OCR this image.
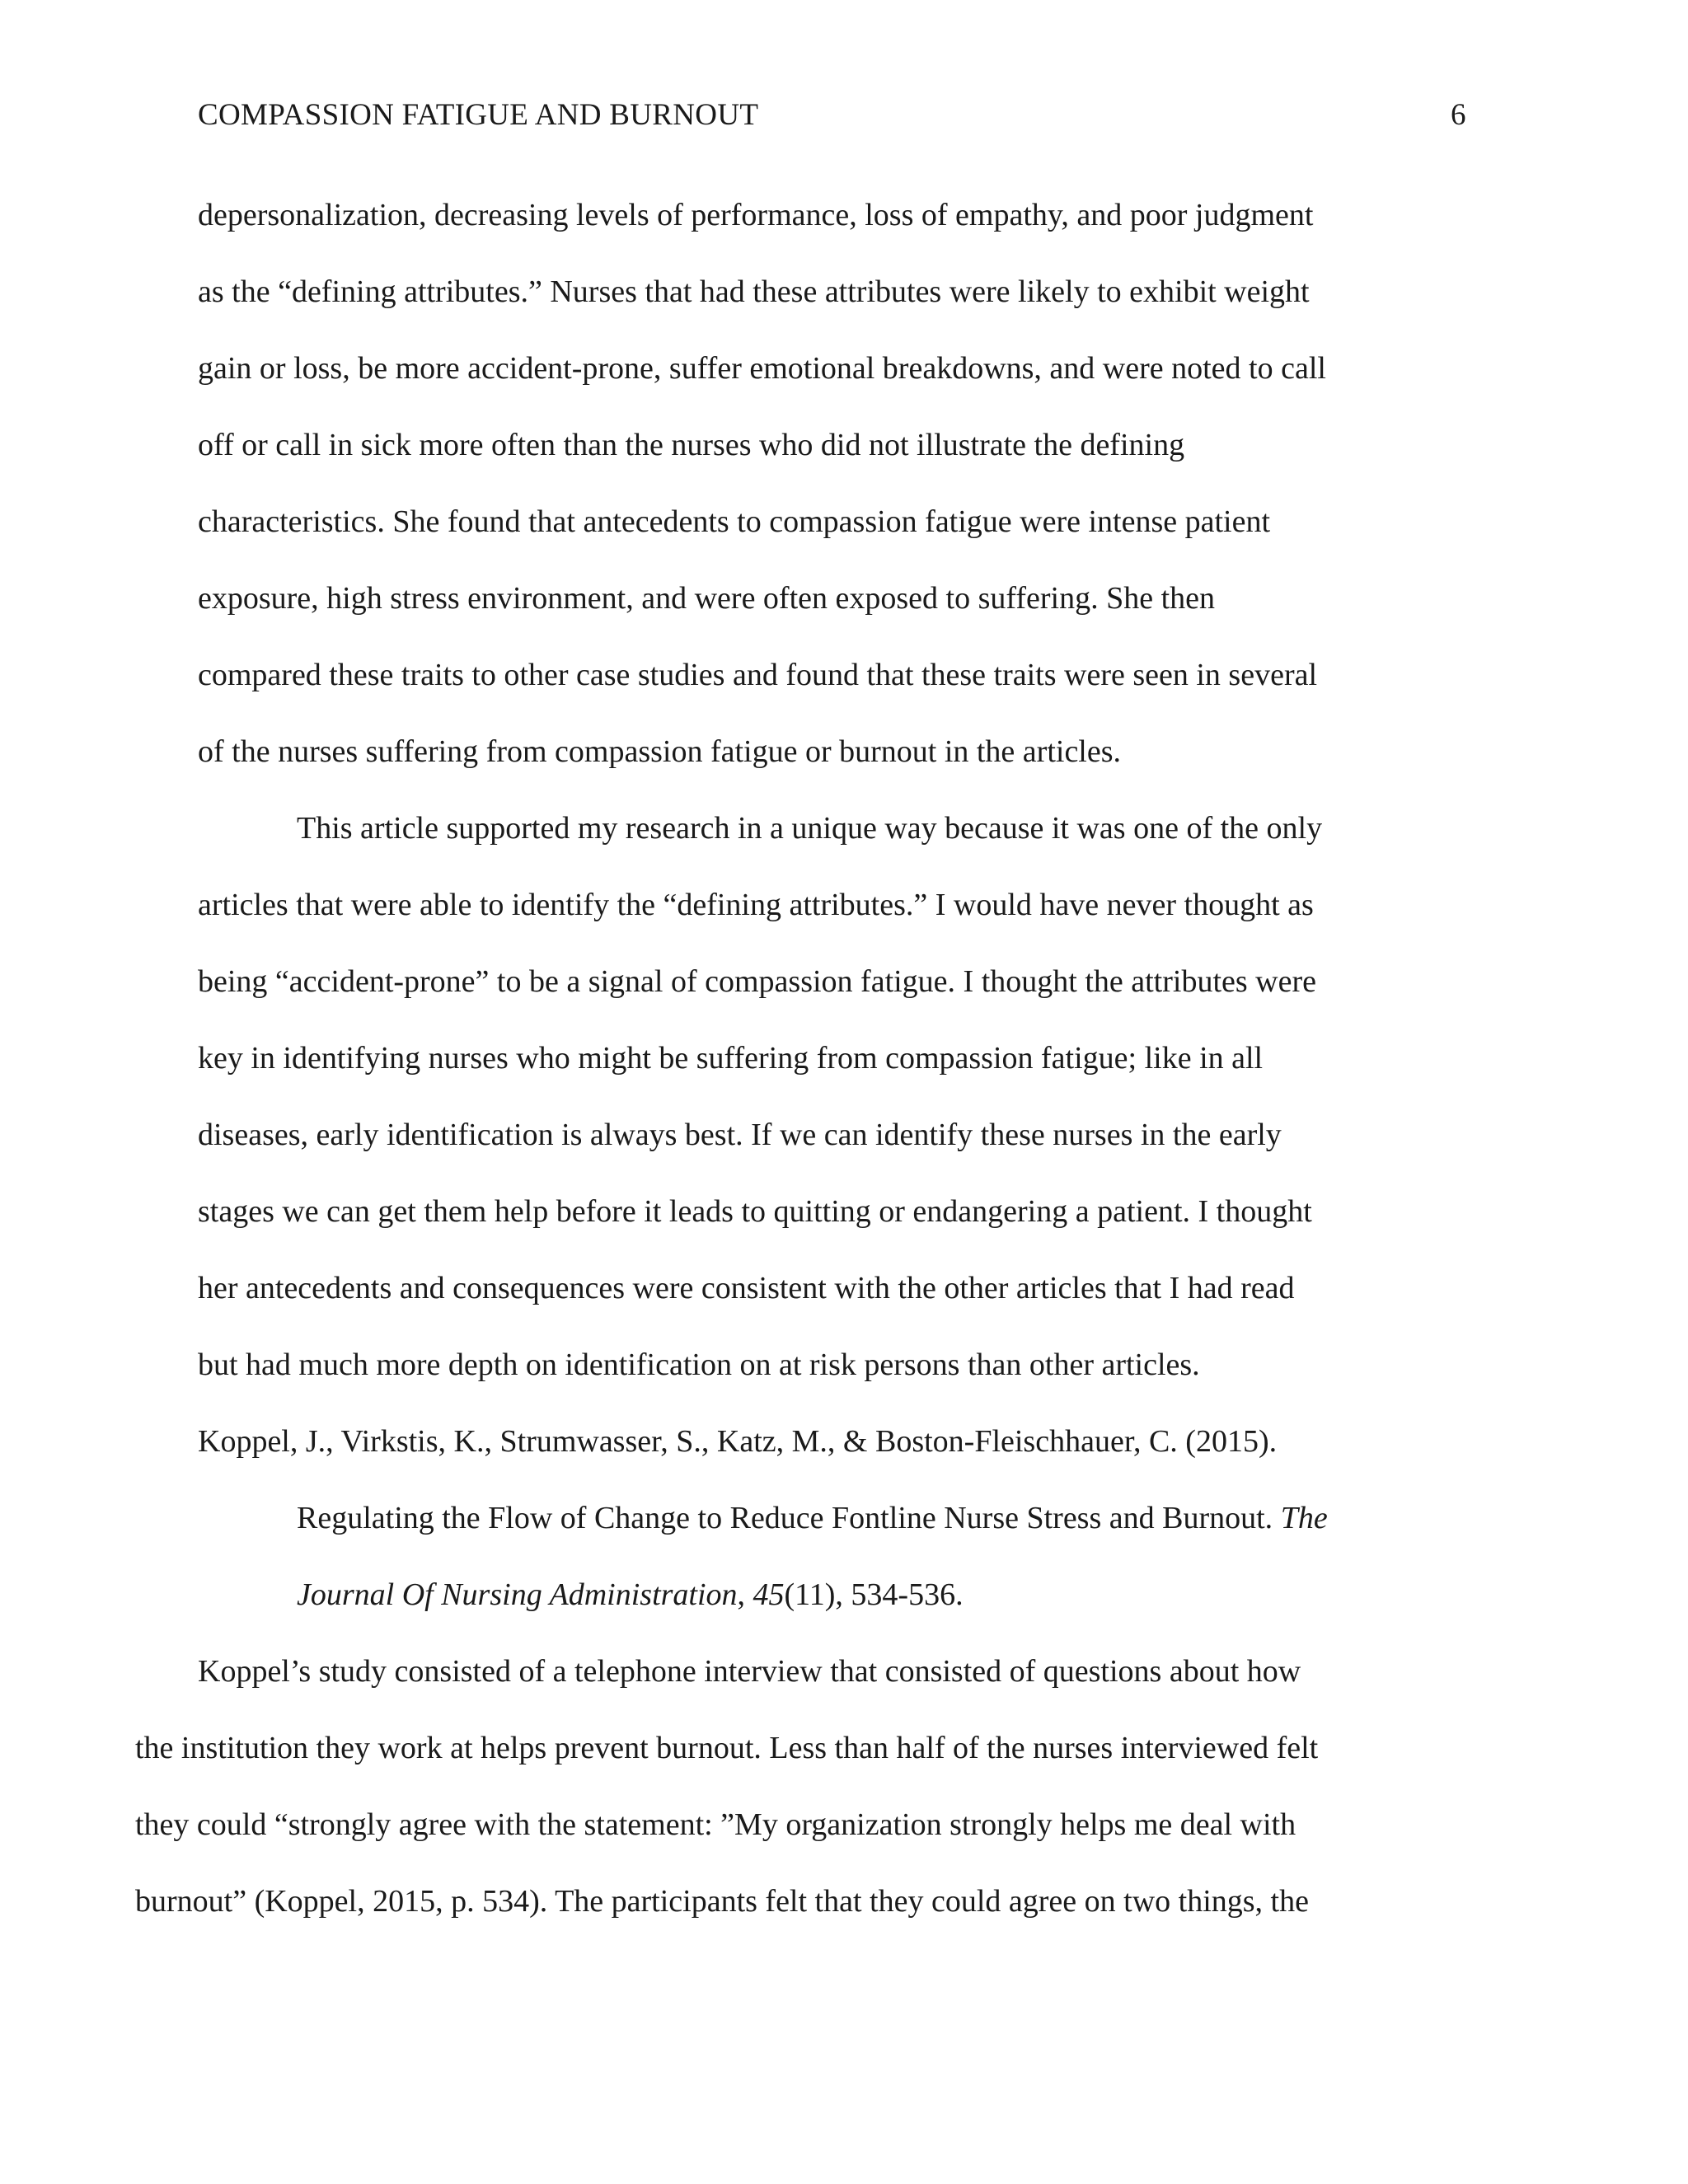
COMPASSION FATIGUE AND BURNOUT	6
depersonalization, decreasing levels of performance, loss of empathy, and poor judgment
as the “defining attributes.” Nurses that had these attributes were likely to exhibit weight
gain or loss, be more accident-prone, suffer emotional breakdowns, and were noted to call
off or call in sick more often than the nurses who did not illustrate the defining
characteristics. She found that antecedents to compassion fatigue were intense patient
exposure, high stress environment, and were often exposed to suffering. She then
compared these traits to other case studies and found that these traits were seen in several
of the nurses suffering from compassion fatigue or burnout in the articles.
This article supported my research in a unique way because it was one of the only
articles that were able to identify the “defining attributes.” I would have never thought as
being “accident-prone” to be a signal of compassion fatigue. I thought the attributes were
key in identifying nurses who might be suffering from compassion fatigue; like in all
diseases, early identification is always best. If we can identify these nurses in the early
stages we can get them help before it leads to quitting or endangering a patient. I thought
her antecedents and consequences were consistent with the other articles that I had read
but had much more depth on identification on at risk persons than other articles.
Koppel, J., Virkstis, K., Strumwasser, S., Katz, M., & Boston-Fleischhauer, C. (2015).
Regulating the Flow of Change to Reduce Fontline Nurse Stress and Burnout. The
Journal Of Nursing Administration, 45(11), 534-536.
Koppel’s study consisted of a telephone interview that consisted of questions about how
the institution they work at helps prevent burnout. Less than half of the nurses interviewed felt
they could “strongly agree with the statement: ”My organization strongly helps me deal with
burnout” (Koppel, 2015, p. 534). The participants felt that they could agree on two things, the
